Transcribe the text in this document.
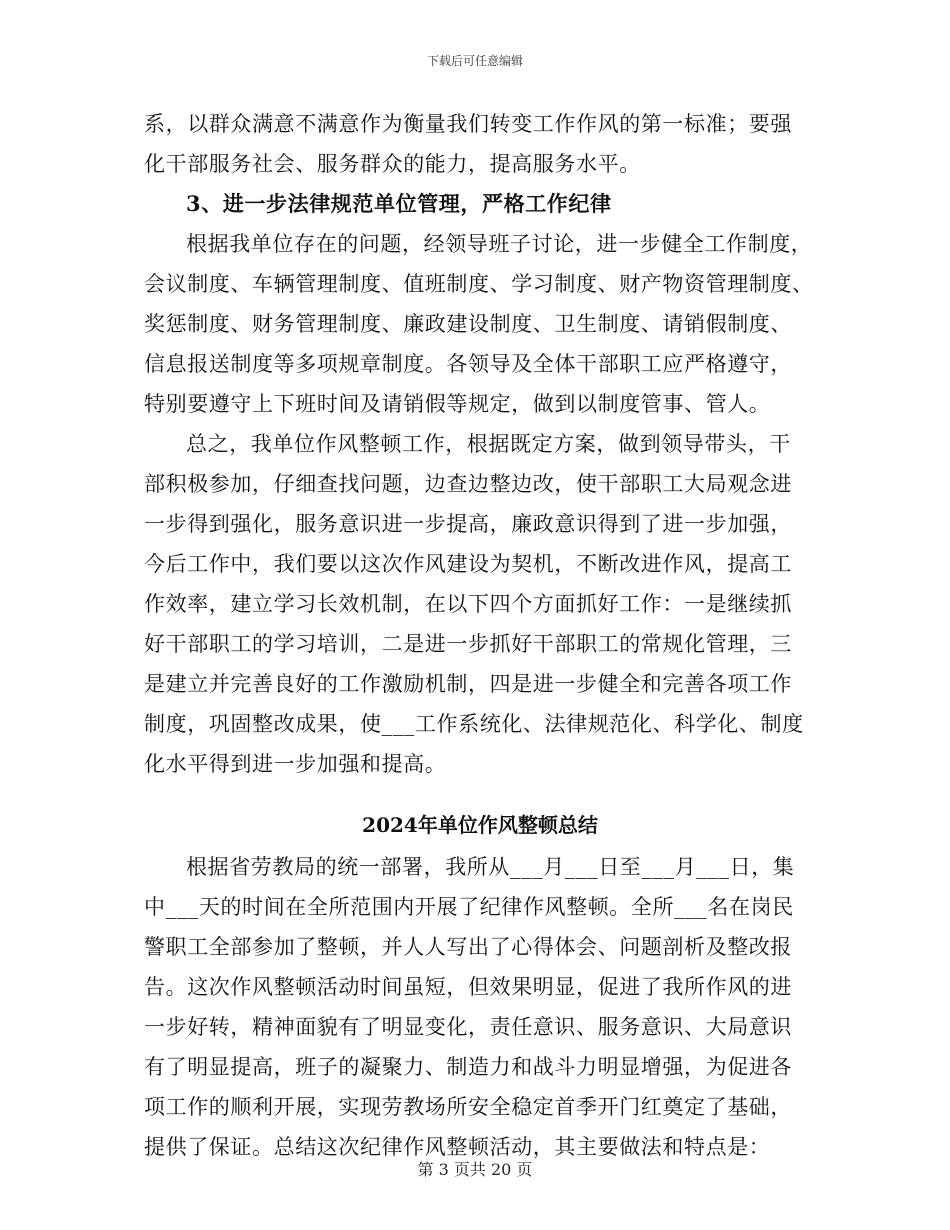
下载后可任意编辑
系，以群众满意不满意作为衡量我们转变工作作风的第一标准；要强
化干部服务社会、服务群众的能力，提高服务水平。
3、进一步法律规范单位管理，严格工作纪律
根据我单位存在的问题，经领导班子讨论，进一步健全工作制度，
会议制度、车辆管理制度、值班制度、学习制度、财产物资管理制度、
奖惩制度、财务管理制度、廉政建设制度、卫生制度、请销假制度、
信息报送制度等多项规章制度。各领导及全体干部职工应严格遵守，
特别要遵守上下班时间及请销假等规定，做到以制度管事、管人。
总之，我单位作风整顿工作，根据既定方案，做到领导带头，干
部积极参加，仔细查找问题，边查边整边改，使干部职工大局观念进
一步得到强化，服务意识进一步提高，廉政意识得到了进一步加强，
今后工作中，我们要以这次作风建设为契机，不断改进作风，提高工
作效率，建立学习长效机制，在以下四个方面抓好工作：一是继续抓
好干部职工的学习培训，二是进一步抓好干部职工的常规化管理，三
是建立并完善良好的工作激励机制，四是进一步健全和完善各项工作
制度，巩固整改成果，使___工作系统化、法律规范化、科学化、制度
化水平得到进一步加强和提高。
2024年单位作风整顿总结
根据省劳教局的统一部署，我所从___月___日至___月___日，集
中___天的时间在全所范围内开展了纪律作风整顿。全所___名在岗民
警职工全部参加了整顿，并人人写出了心得体会、问题剖析及整改报
告。这次作风整顿活动时间虽短，但效果明显，促进了我所作风的进
一步好转，精神面貌有了明显变化，责任意识、服务意识、大局意识
有了明显提高，班子的凝聚力、制造力和战斗力明显增强，为促进各
项工作的顺利开展，实现劳教场所安全稳定首季开门红奠定了基础，
提供了保证。总结这次纪律作风整顿活动，其主要做法和特点是：
第 3 页共 20 页
